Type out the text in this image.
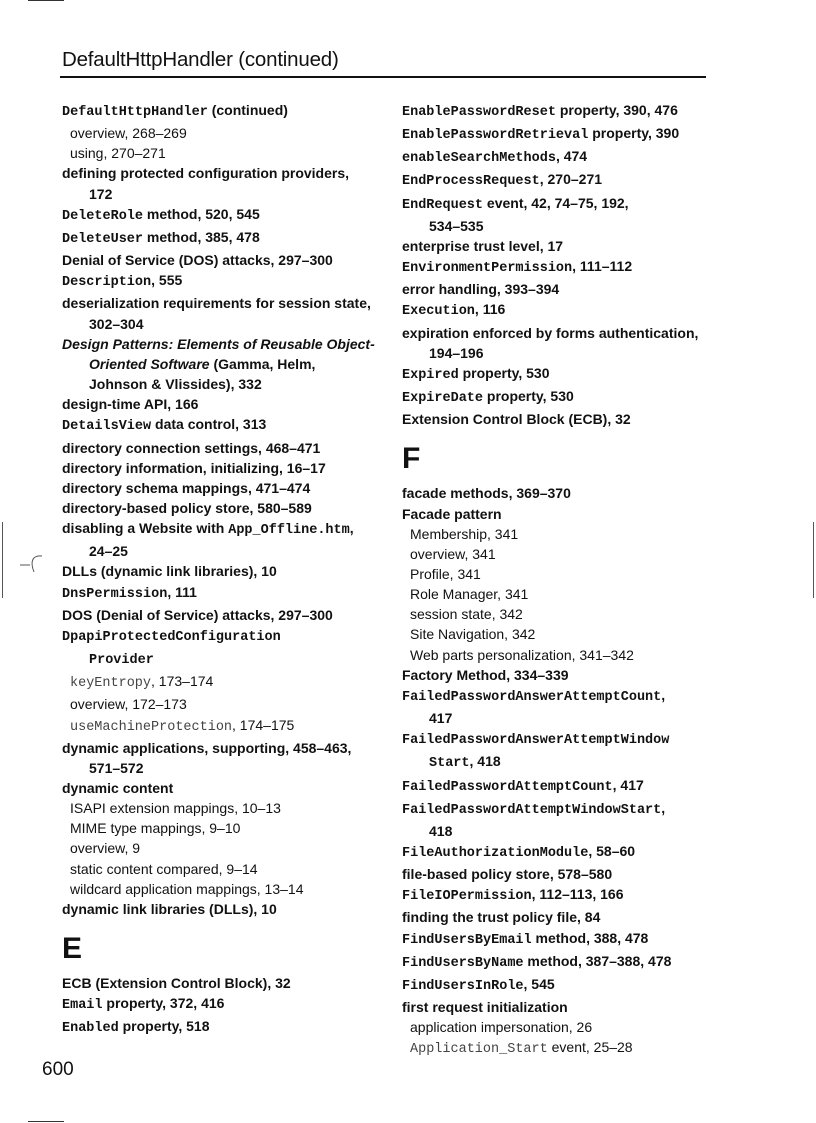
DefaultHttpHandler (continued)
DefaultHttpHandler (continued)
overview, 268–269
using, 270–271
defining protected configuration providers,
172
DeleteRole method, 520, 545
DeleteUser method, 385, 478
Denial of Service (DOS) attacks, 297–300
Description, 555
deserialization requirements for session state,
302–304
Design Patterns: Elements of Reusable Object-
Oriented Software (Gamma, Helm,
Johnson & Vlissides), 332
design-time API, 166
DetailsView data control, 313
directory connection settings, 468–471
directory information, initializing, 16–17
directory schema mappings, 471–474
directory-based policy store, 580–589
disabling a Website with App_Offline.htm,
24–25
DLLs (dynamic link libraries), 10
DnsPermission, 111
DOS (Denial of Service) attacks, 297–300
DpapiProtectedConfiguration
Provider
keyEntropy, 173–174
overview, 172–173
useMachineProtection, 174–175
dynamic applications, supporting, 458–463,
571–572
dynamic content
ISAPI extension mappings, 10–13
MIME type mappings, 9–10
overview, 9
static content compared, 9–14
wildcard application mappings, 13–14
dynamic link libraries (DLLs), 10
E
ECB (Extension Control Block), 32
Email property, 372, 416
Enabled property, 518
EnablePasswordReset property, 390, 476
EnablePasswordRetrieval property, 390
enableSearchMethods, 474
EndProcessRequest, 270–271
EndRequest event, 42, 74–75, 192,
534–535
enterprise trust level, 17
EnvironmentPermission, 111–112
error handling, 393–394
Execution, 116
expiration enforced by forms authentication,
194–196
Expired property, 530
ExpireDate property, 530
Extension Control Block (ECB), 32
F
facade methods, 369–370
Facade pattern
Membership, 341
overview, 341
Profile, 341
Role Manager, 341
session state, 342
Site Navigation, 342
Web parts personalization, 341–342
Factory Method, 334–339
FailedPasswordAnswerAttemptCount,
417
FailedPasswordAnswerAttemptWindow
Start, 418
FailedPasswordAttemptCount, 417
FailedPasswordAttemptWindowStart,
418
FileAuthorizationModule, 58–60
file-based policy store, 578–580
FileIOPermission, 112–113, 166
finding the trust policy file, 84
FindUsersByEmail method, 388, 478
FindUsersByName method, 387–388, 478
FindUsersInRole, 545
first request initialization
application impersonation, 26
Application_Start event, 25–28
600
